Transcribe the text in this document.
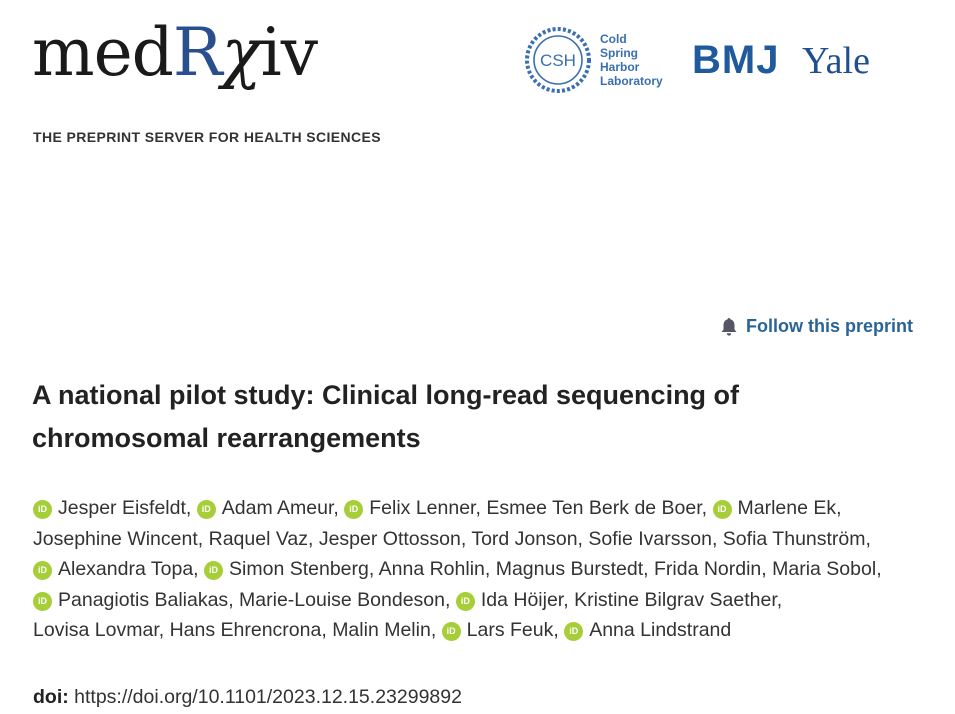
medRχiv
THE PREPRINT SERVER FOR HEALTH SCIENCES
CSH
Cold
Spring
Harbor
Laboratory BMJ Yale
Follow this preprint
A national pilot study: Clinical long-read sequencing of chromosomal rearrangements
iD Jesper Eisfeldt, iD Adam Ameur, iD Felix Lenner, Esmee Ten Berk de Boer, iD Marlene Ek, Josephine Wincent, Raquel Vaz, Jesper Ottosson, Tord Jonson, Sofie Ivarsson, Sofia Thunström, iD Alexandra Topa, iD Simon Stenberg, Anna Rohlin, Magnus Burstedt, Frida Nordin, Maria Sobol, iD Panagiotis Baliakas, Marie-Louise Bondeson, iD Ida Höijer, Kristine Bilgrav Saether, Lovisa Lovmar, Hans Ehrencrona, Malin Melin, iD Lars Feuk, iD Anna Lindstrand
doi: https://doi.org/10.1101/2023.12.15.23299892
